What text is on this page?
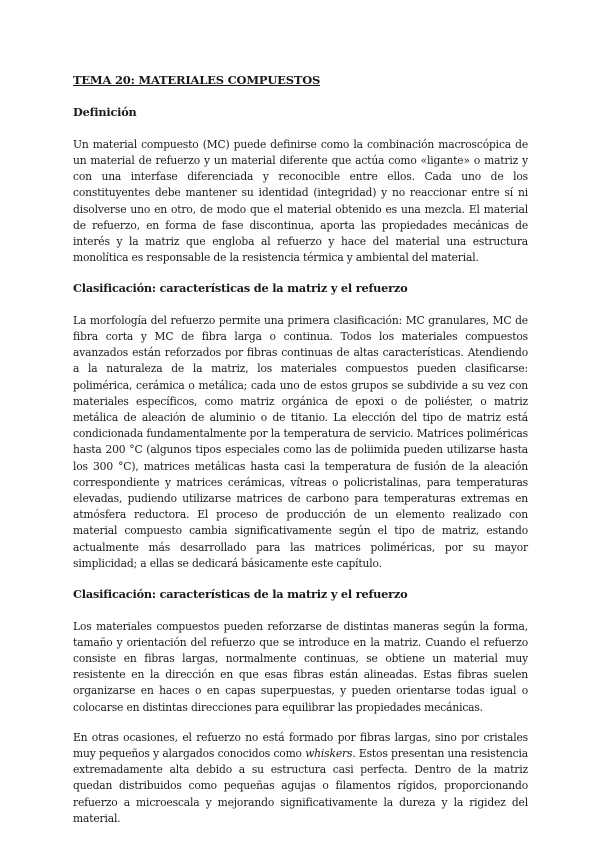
TEMA 20: MATERIALES COMPUESTOS
Definición

Un material compuesto (MC) puede definirse como la combinación macroscópica de un material de refuerzo y un material diferente que actúa como «ligante» o matriz y con una interfase diferenciada y reconocible entre ellos. Cada uno de los constituyentes debe mantener su identidad (integridad) y no reaccionar entre sí ni disolverse uno en otro, de modo que el material obtenido es una mezcla. El material de refuerzo, en forma de fase discontinua, aporta las propiedades mecánicas de interés y la matriz que engloba al refuerzo y hace del material una estructura monolítica es responsable de la resistencia térmica y ambiental del material.

Clasificación: características de la matriz y el refuerzo

La morfología del refuerzo permite una primera clasificación: MC granulares, MC de fibra corta y MC de fibra larga o continua. Todos los materiales compuestos avanzados están reforzados por fibras continuas de altas características. Atendiendo a la naturaleza de la matriz, los materiales compuestos pueden clasificarse: polimérica, cerámica o metálica; cada uno de estos grupos se subdivide a su vez con materiales específicos, como matriz orgánica de epoxi o de poliéster, o matriz metálica de aleación de aluminio o de titanio. La elección del tipo de matriz está condicionada fundamentalmente por la temperatura de servicio. Matrices poliméricas hasta 200 °C (algunos tipos especiales como las de poliimida pueden utilizarse hasta los 300 °C), matrices metálicas hasta casi la temperatura de fusión de la aleación correspondiente y matrices cerámicas, vítreas o policristalinas, para temperaturas elevadas, pudiendo utilizarse matrices de carbono para temperaturas extremas en atmósfera reductora. El proceso de producción de un elemento realizado con material compuesto cambia significativamente según el tipo de matriz, estando actualmente más desarrollado para las matrices poliméricas, por su mayor simplicidad; a ellas se dedicará básicamente este capítulo.

Clasificación: características de la matriz y el refuerzo

Los materiales compuestos pueden reforzarse de distintas maneras según la forma, tamaño y orientación del refuerzo que se introduce en la matriz. Cuando el refuerzo consiste en fibras largas, normalmente continuas, se obtiene un material muy resistente en la dirección en que esas fibras están alineadas. Estas fibras suelen organizarse en haces o en capas superpuestas, y pueden orientarse todas igual o colocarse en distintas direcciones para equilibrar las propiedades mecánicas.

En otras ocasiones, el refuerzo no está formado por fibras largas, sino por cristales muy pequeños y alargados conocidos como whiskers. Estos presentan una resistencia extremadamente alta debido a su estructura casi perfecta. Dentro de la matriz quedan distribuidos como pequeñas agujas o filamentos rígidos, proporcionando refuerzo a microescala y mejorando significativamente la dureza y la rigidez del material.
